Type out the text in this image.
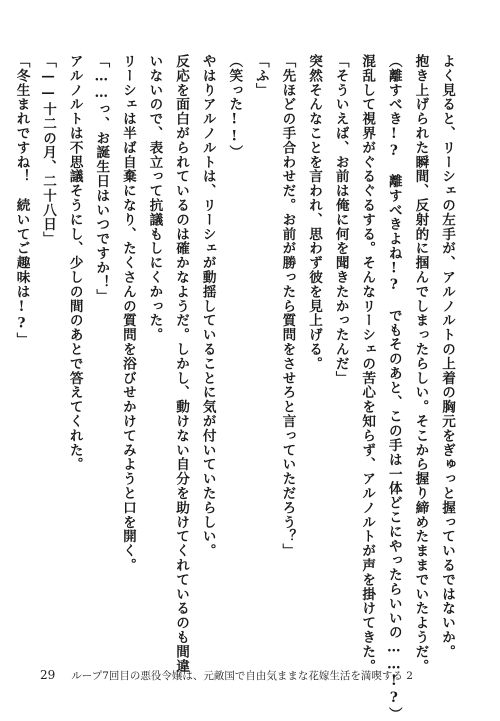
よく見ると、リーシェの左手が、アルノルトの上着の胸元をぎゅっと握っているではないか。
抱き上げられた瞬間、反射的に掴んでしまったらしい。そこから握り締めたままでいたようだ。
（離すべき!?　離すべきよね!?　でもそのあと、この手は一体どこにやったらいいの……!?）
混乱して視界がぐるぐるする。そんなリーシェの苦心を知らず、アルノルトが声を掛けてきた。
「そういえば、お前は俺に何を聞きたかったんだ」
突然そんなことを言われ、思わず彼を見上げる。
「先ほどの手合わせだ。お前が勝ったら質問をさせろと言っていただろう？」
「ふ」
（笑った!!）
やはりアルノルトは、リーシェが動揺していることに気が付いていたらしい。
反応を面白がられているのは確かなようだ。しかし、動けない自分を助けてくれているのも間違
いないので、表立って抗議もしにくかった。
リーシェは半ば自棄になり、たくさんの質問を浴びせかけてみようと口を開く。
「……っ、お誕生日はいつですか！」
アルノルトは不思議そうにし、少しの間のあとで答えてくれた。
「——十二の月、二十八日」
「冬生まれですね！　続いてご趣味は!?」
29 ループ7回目の悪役令嬢は、元敵国で自由気ままな花嫁生活を満喫する 2
